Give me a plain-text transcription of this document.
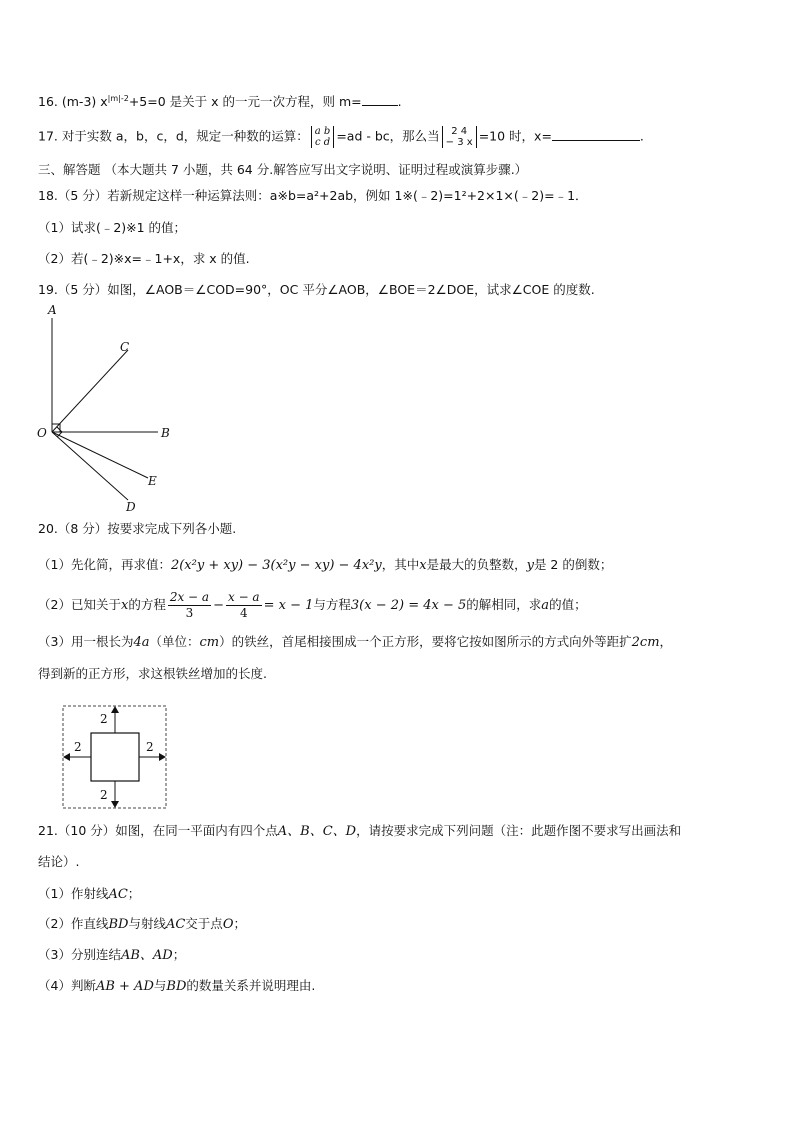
16. (m-3) $x^{|m|-2}+5=0$ 是关于 x 的一元一次方程，则 m=	.
17. 对于实数 a，b，c，d，规定一种数的运算： a b
c d =ad - bc，那么当	2 4
− 3 x =10 时，x=	.
三、解答题 （本大题共 7 小题，共 64 分.解答应写出文字说明、证明过程或演算步骤.）
18.（5 分）若新规定这样一种运算法则：a※b=a²+2ab，例如 1※(﹣2)=1²+2×1×(﹣2)=﹣1．
（1）试求(﹣2)※1 的值；
（2）若(﹣2)※x=﹣1+x，求 x 的值.
19.（5 分）如图，∠AOB＝∠COD=90°，OC 平分∠AOB，∠BOE＝2∠DOE，试求∠COE 的度数.
A
C
O	B
E
D
20.（8 分）按要求完成下列各小题.
（1）先化简，再求值：2(x²y + xy) − 3(x²y − xy) − 4x²y，其中x是最大的负整数，y是 2 的倒数；
（2）已知关于x的方程 $\frac{2x - a}{3} - \frac{x - a}{4} = x - 1$与方程3(x − 2) = 4x − 5的解相同，求a的值；
（3）用一根长为4a（单位：cm）的铁丝，首尾相接围成一个正方形，要将它按如图所示的方式向外等距扩2cm，
得到新的正方形，求这根铁丝增加的长度.
2
2
2	2
21.（10 分）如图，在同一平面内有四个点A、B、C、D，请按要求完成下列问题（注：此题作图不要求写出画法和
结论）.
（1）作射线AC；
（2）作直线BD与射线AC交于点O；
（3）分别连结AB、AD；
（4）判断AB + AD与BD的数量关系并说明理由.
